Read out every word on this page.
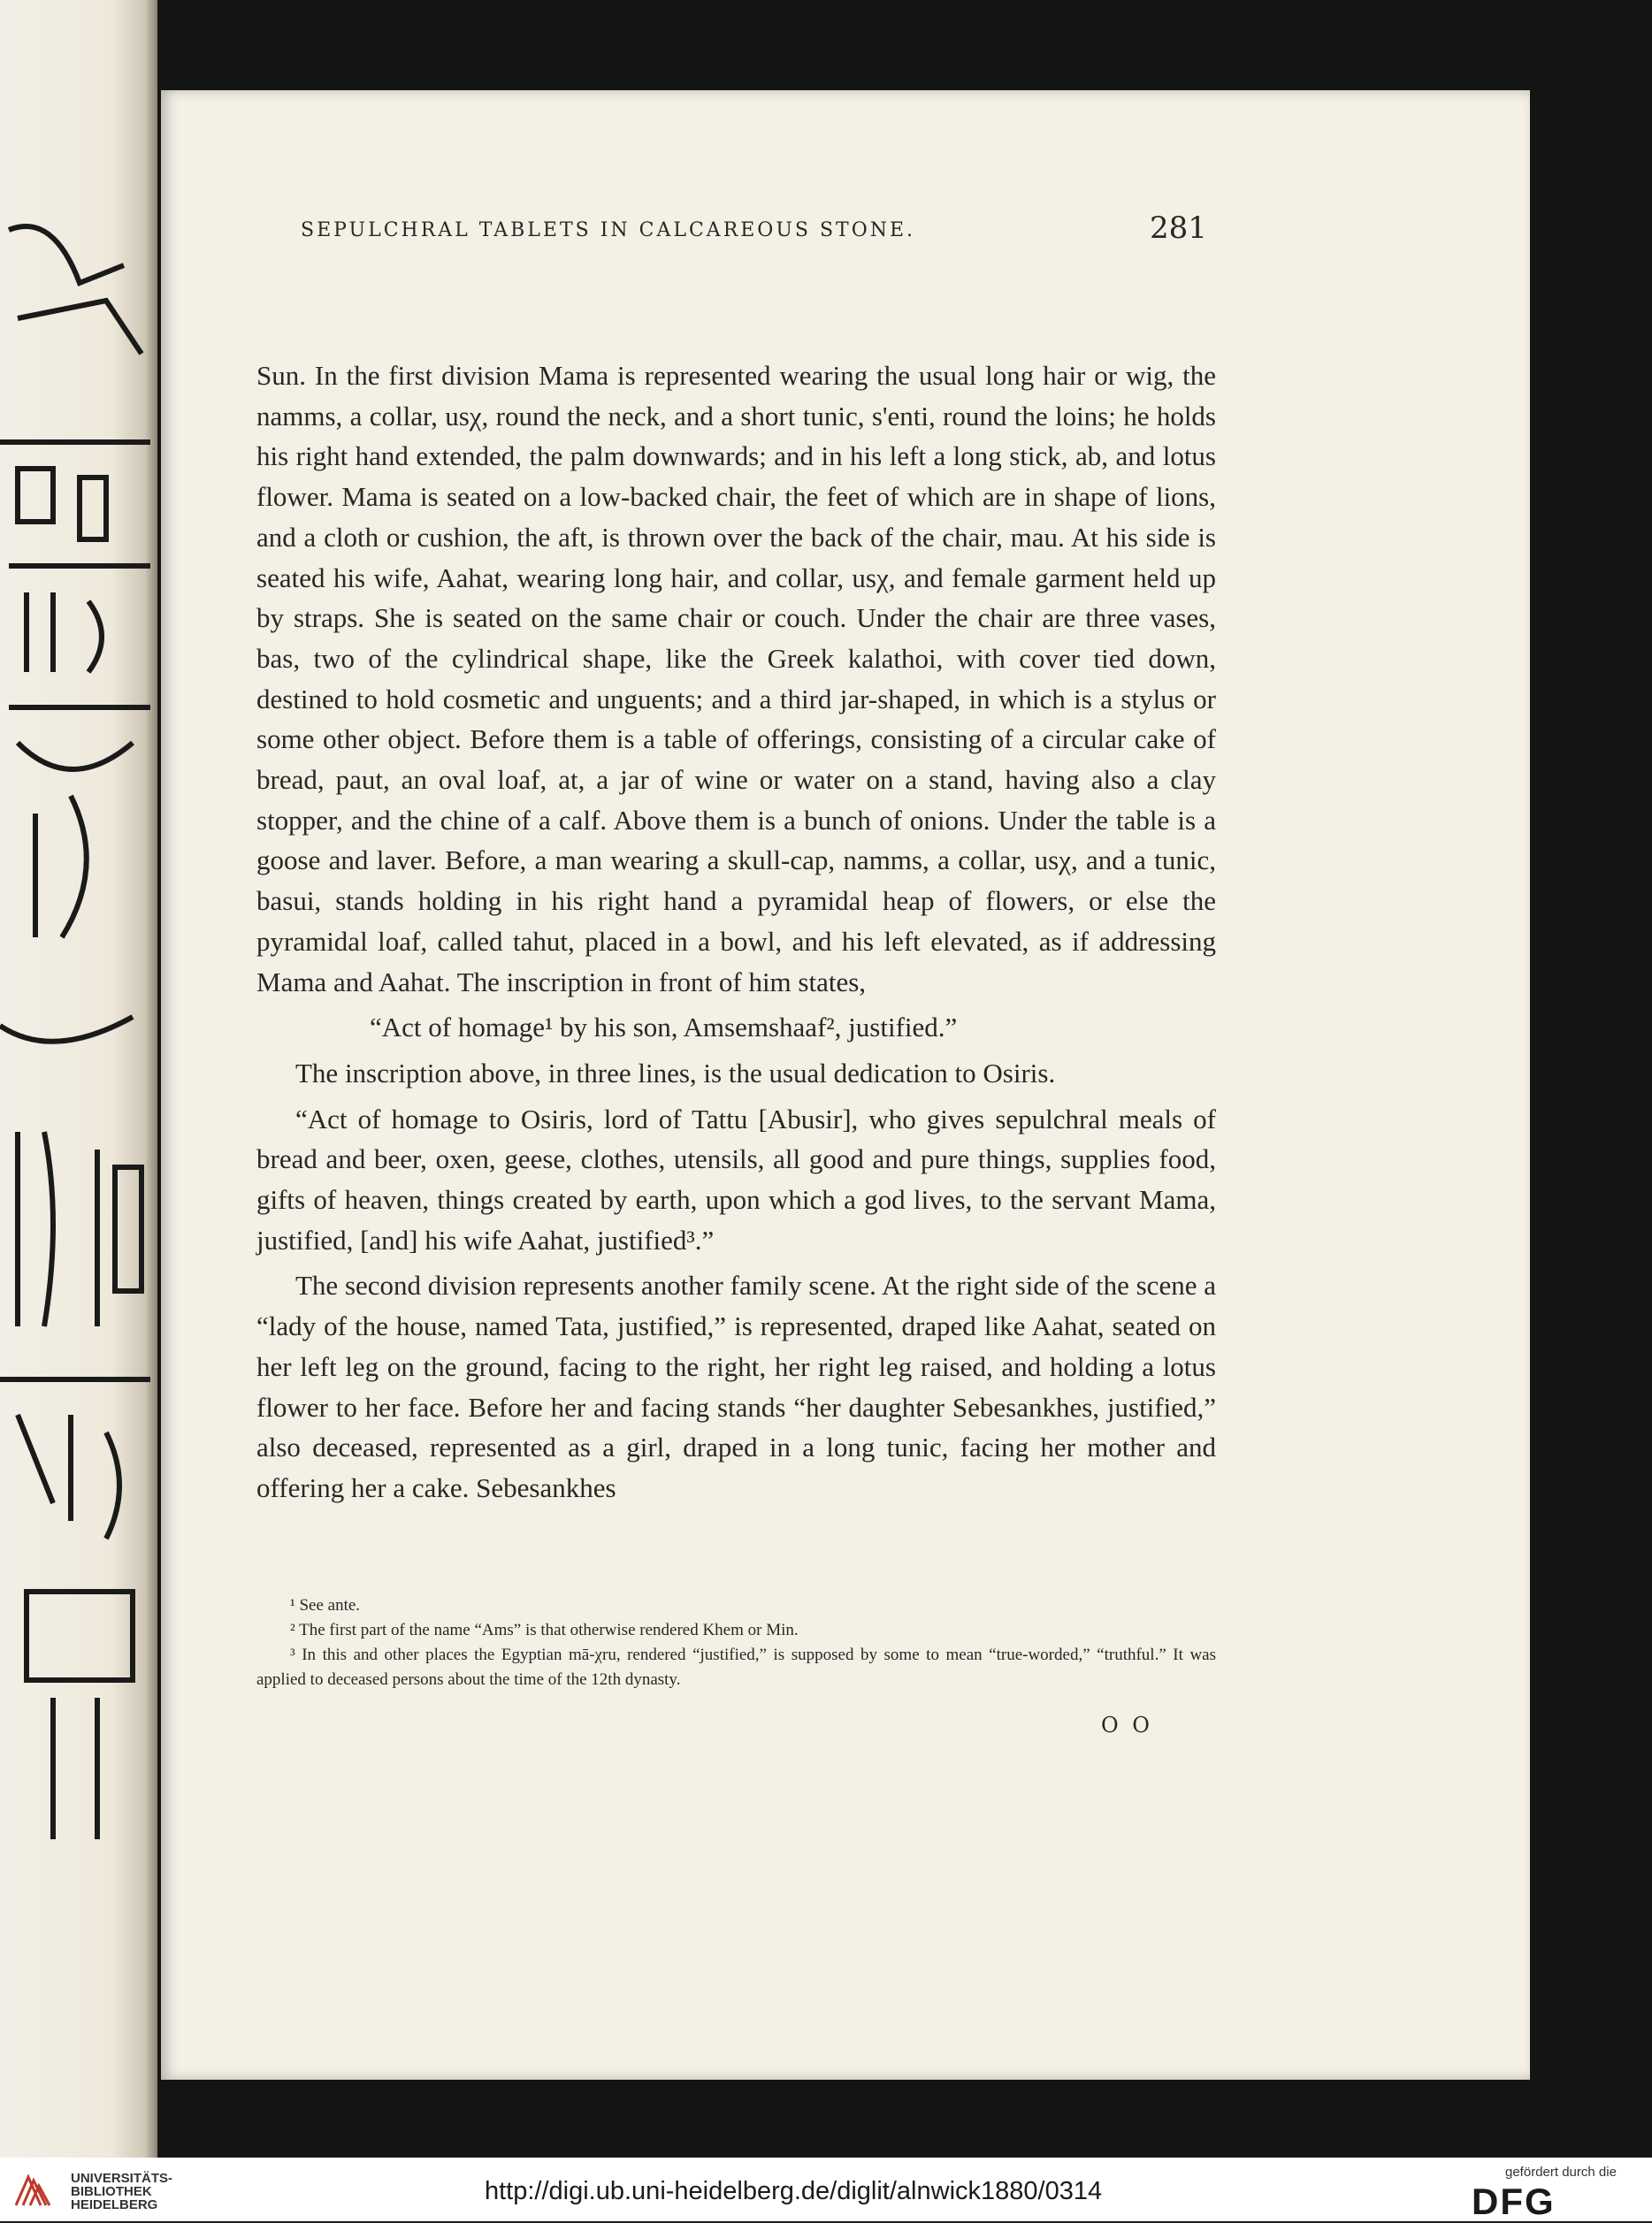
SEPULCHRAL TABLETS IN CALCAREOUS STONE.	281

Sun. In the first division Mama is represented wearing the usual long hair or wig, the namms, a collar, usχ, round the neck, and a short tunic, s'enti, round the loins; he holds his right hand extended, the palm downwards; and in his left a long stick, ab, and lotus flower. Mama is seated on a low-backed chair, the feet of which are in shape of lions, and a cloth or cushion, the aft, is thrown over the back of the chair, mau. At his side is seated his wife, Aahat, wearing long hair, and collar, usχ, and female garment held up by straps. She is seated on the same chair or couch. Under the chair are three vases, bas, two of the cylindrical shape, like the Greek kalathoi, with cover tied down, destined to hold cosmetic and unguents; and a third jar-shaped, in which is a stylus or some other object. Before them is a table of offerings, consisting of a circular cake of bread, paut, an oval loaf, at, a jar of wine or water on a stand, having also a clay stopper, and the chine of a calf. Above them is a bunch of onions. Under the table is a goose and laver. Before, a man wearing a skull-cap, namms, a collar, usχ, and a tunic, basui, stands holding in his right hand a pyramidal heap of flowers, or else the pyramidal loaf, called tahut, placed in a bowl, and his left elevated, as if addressing Mama and Aahat. The inscription in front of him states,

“Act of homage¹ by his son, Amsemshaaf², justified.”

The inscription above, in three lines, is the usual dedication to Osiris.

“Act of homage to Osiris, lord of Tattu [Abusir], who gives sepulchral meals of bread and beer, oxen, geese, clothes, utensils, all good and pure things, supplies food, gifts of heaven, things created by earth, upon which a god lives, to the servant Mama, justified, [and] his wife Aahat, justified³.”

The second division represents another family scene. At the right side of the scene a “lady of the house, named Tata, justified,” is represented, draped like Aahat, seated on her left leg on the ground, facing to the right, her right leg raised, and holding a lotus flower to her face. Before her and facing stands “her daughter Sebesankhes, justified,” also deceased, represented as a girl, draped in a long tunic, facing her mother and offering her a cake. Sebesankhes

¹ See ante.

² The first part of the name “Ams” is that otherwise rendered Khem or Min.

³ In this and other places the Egyptian mā-χru, rendered “justified,” is supposed by some to mean “true-worded,” “truthful.” It was applied to deceased persons about the time of the 12th dynasty.

O O
UNIVERSITÄTS-
BIBLIOTHEK
HEIDELBERG	http://digi.ub.uni-heidelberg.de/diglit/alnwick1880/0314
gefördert durch die
DFG
